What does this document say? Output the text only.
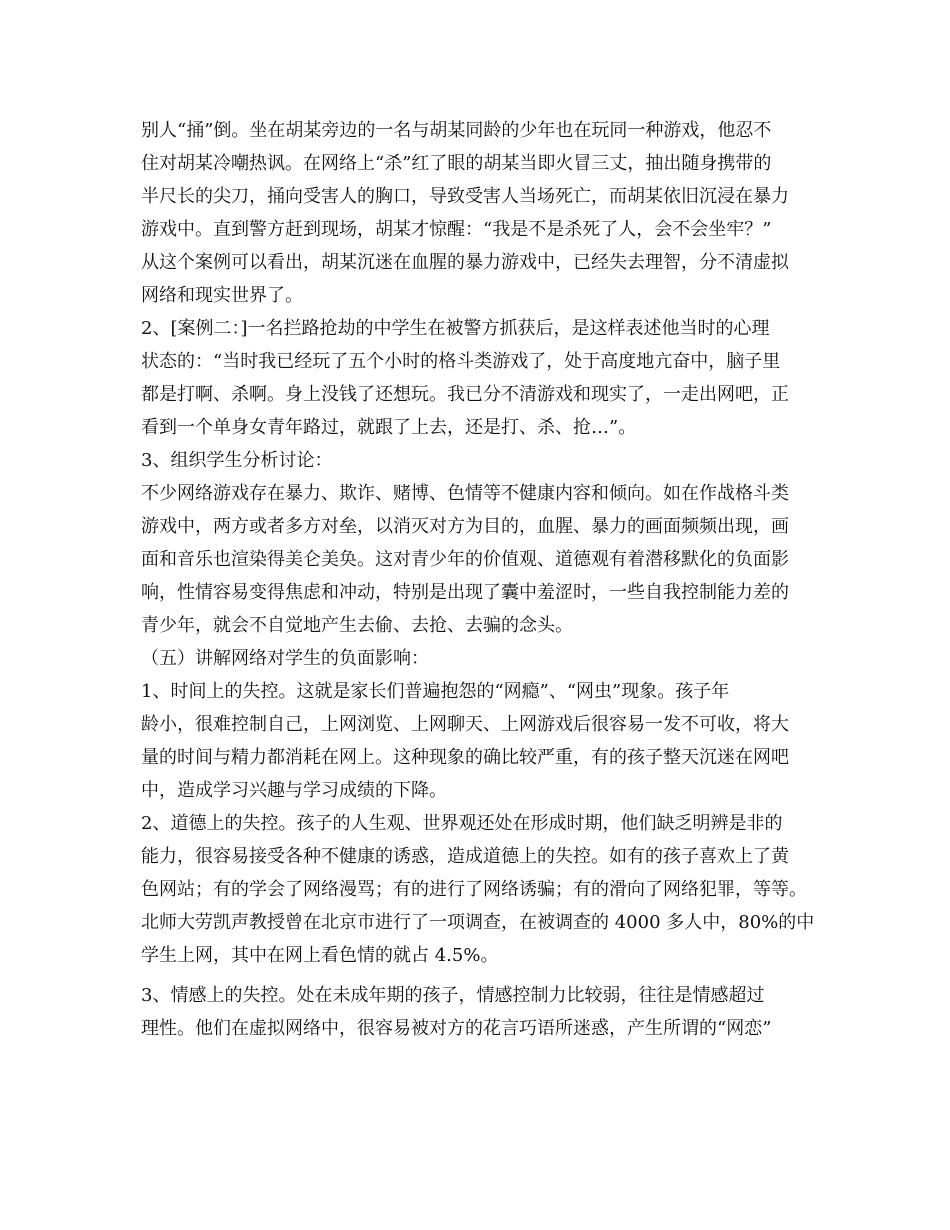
别人“捅”倒。坐在胡某旁边的一名与胡某同龄的少年也在玩同一种游戏，他忍不
住对胡某冷嘲热讽。在网络上“杀”红了眼的胡某当即火冒三丈，抽出随身携带的
半尺长的尖刀，捅向受害人的胸口，导致受害人当场死亡，而胡某依旧沉浸在暴力
游戏中。直到警方赶到现场，胡某才惊醒：“我是不是杀死了人，会不会坐牢？”
从这个案例可以看出，胡某沉迷在血腥的暴力游戏中，已经失去理智，分不清虚拟
网络和现实世界了。
2、[案例二：]一名拦路抢劫的中学生在被警方抓获后，是这样表述他当时的心理
状态的：“当时我已经玩了五个小时的格斗类游戏了，处于高度地亢奋中，脑子里
都是打啊、杀啊。身上没钱了还想玩。我已分不清游戏和现实了，一走出网吧，正
看到一个单身女青年路过，就跟了上去，还是打、杀、抢…”。
3、组织学生分析讨论：
不少网络游戏存在暴力、欺诈、赌博、色情等不健康内容和倾向。如在作战格斗类
游戏中，两方或者多方对垒，以消灭对方为目的，血腥、暴力的画面频频出现，画
面和音乐也渲染得美仑美奂。这对青少年的价值观、道德观有着潜移默化的负面影
响，性情容易变得焦虑和冲动，特别是出现了囊中羞涩时，一些自我控制能力差的
青少年，就会不自觉地产生去偷、去抢、去骗的念头。
（五）讲解网络对学生的负面影响：
1、时间上的失控。这就是家长们普遍抱怨的“网瘾”、“网虫”现象。孩子年
龄小，很难控制自己，上网浏览、上网聊天、上网游戏后很容易一发不可收，将大
量的时间与精力都消耗在网上。这种现象的确比较严重，有的孩子整天沉迷在网吧
中，造成学习兴趣与学习成绩的下降。
2、道德上的失控。孩子的人生观、世界观还处在形成时期，他们缺乏明辨是非的
能力，很容易接受各种不健康的诱惑，造成道德上的失控。如有的孩子喜欢上了黄
色网站；有的学会了网络漫骂；有的进行了网络诱骗；有的滑向了网络犯罪，等等。
北师大劳凯声教授曾在北京市进行了一项调查，在被调查的 4000 多人中，80%的中
学生上网，其中在网上看色情的就占 4.5%。
3、情感上的失控。处在未成年期的孩子，情感控制力比较弱，往往是情感超过
理性。他们在虚拟网络中，很容易被对方的花言巧语所迷惑，产生所谓的“网恋”
